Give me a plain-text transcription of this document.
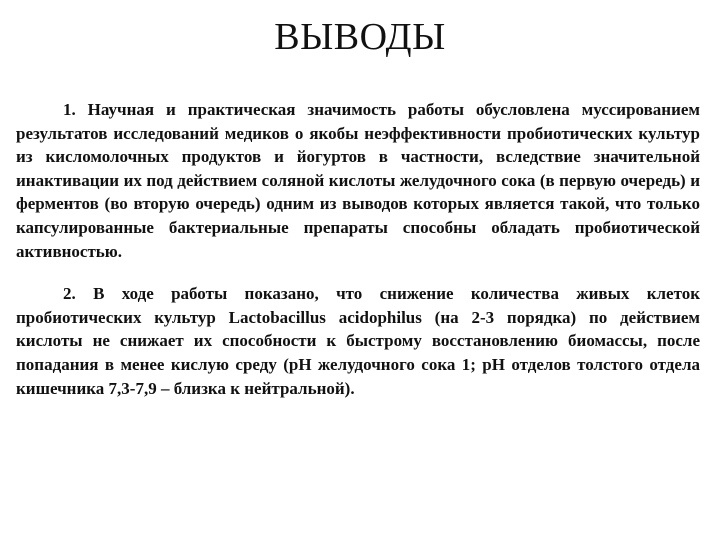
ВЫВОДЫ

1. Научная и практическая значимость работы обусловлена муссированием результатов исследований медиков о якобы неэффективности пробиотических культур из кисломолочных продуктов и йогуртов в частности, вследствие значительной инактивации их под действием соляной кислоты желудочного сока (в первую очередь) и ферментов (во вторую очередь) одним из выводов которых является такой, что только капсулированные бактериальные препараты способны обладать пробиотической активностью.

2. В ходе работы показано, что снижение количества живых клеток пробиотических культур Lactobacillus acidophilus (на 2-3 порядка) по действием кислоты не снижает их способности к быстрому восстановлению биомассы, после попадания в менее кислую среду (рН желудочного сока 1; рН отделов толстого отдела кишечника 7,3-7,9 – близка к нейтральной).
